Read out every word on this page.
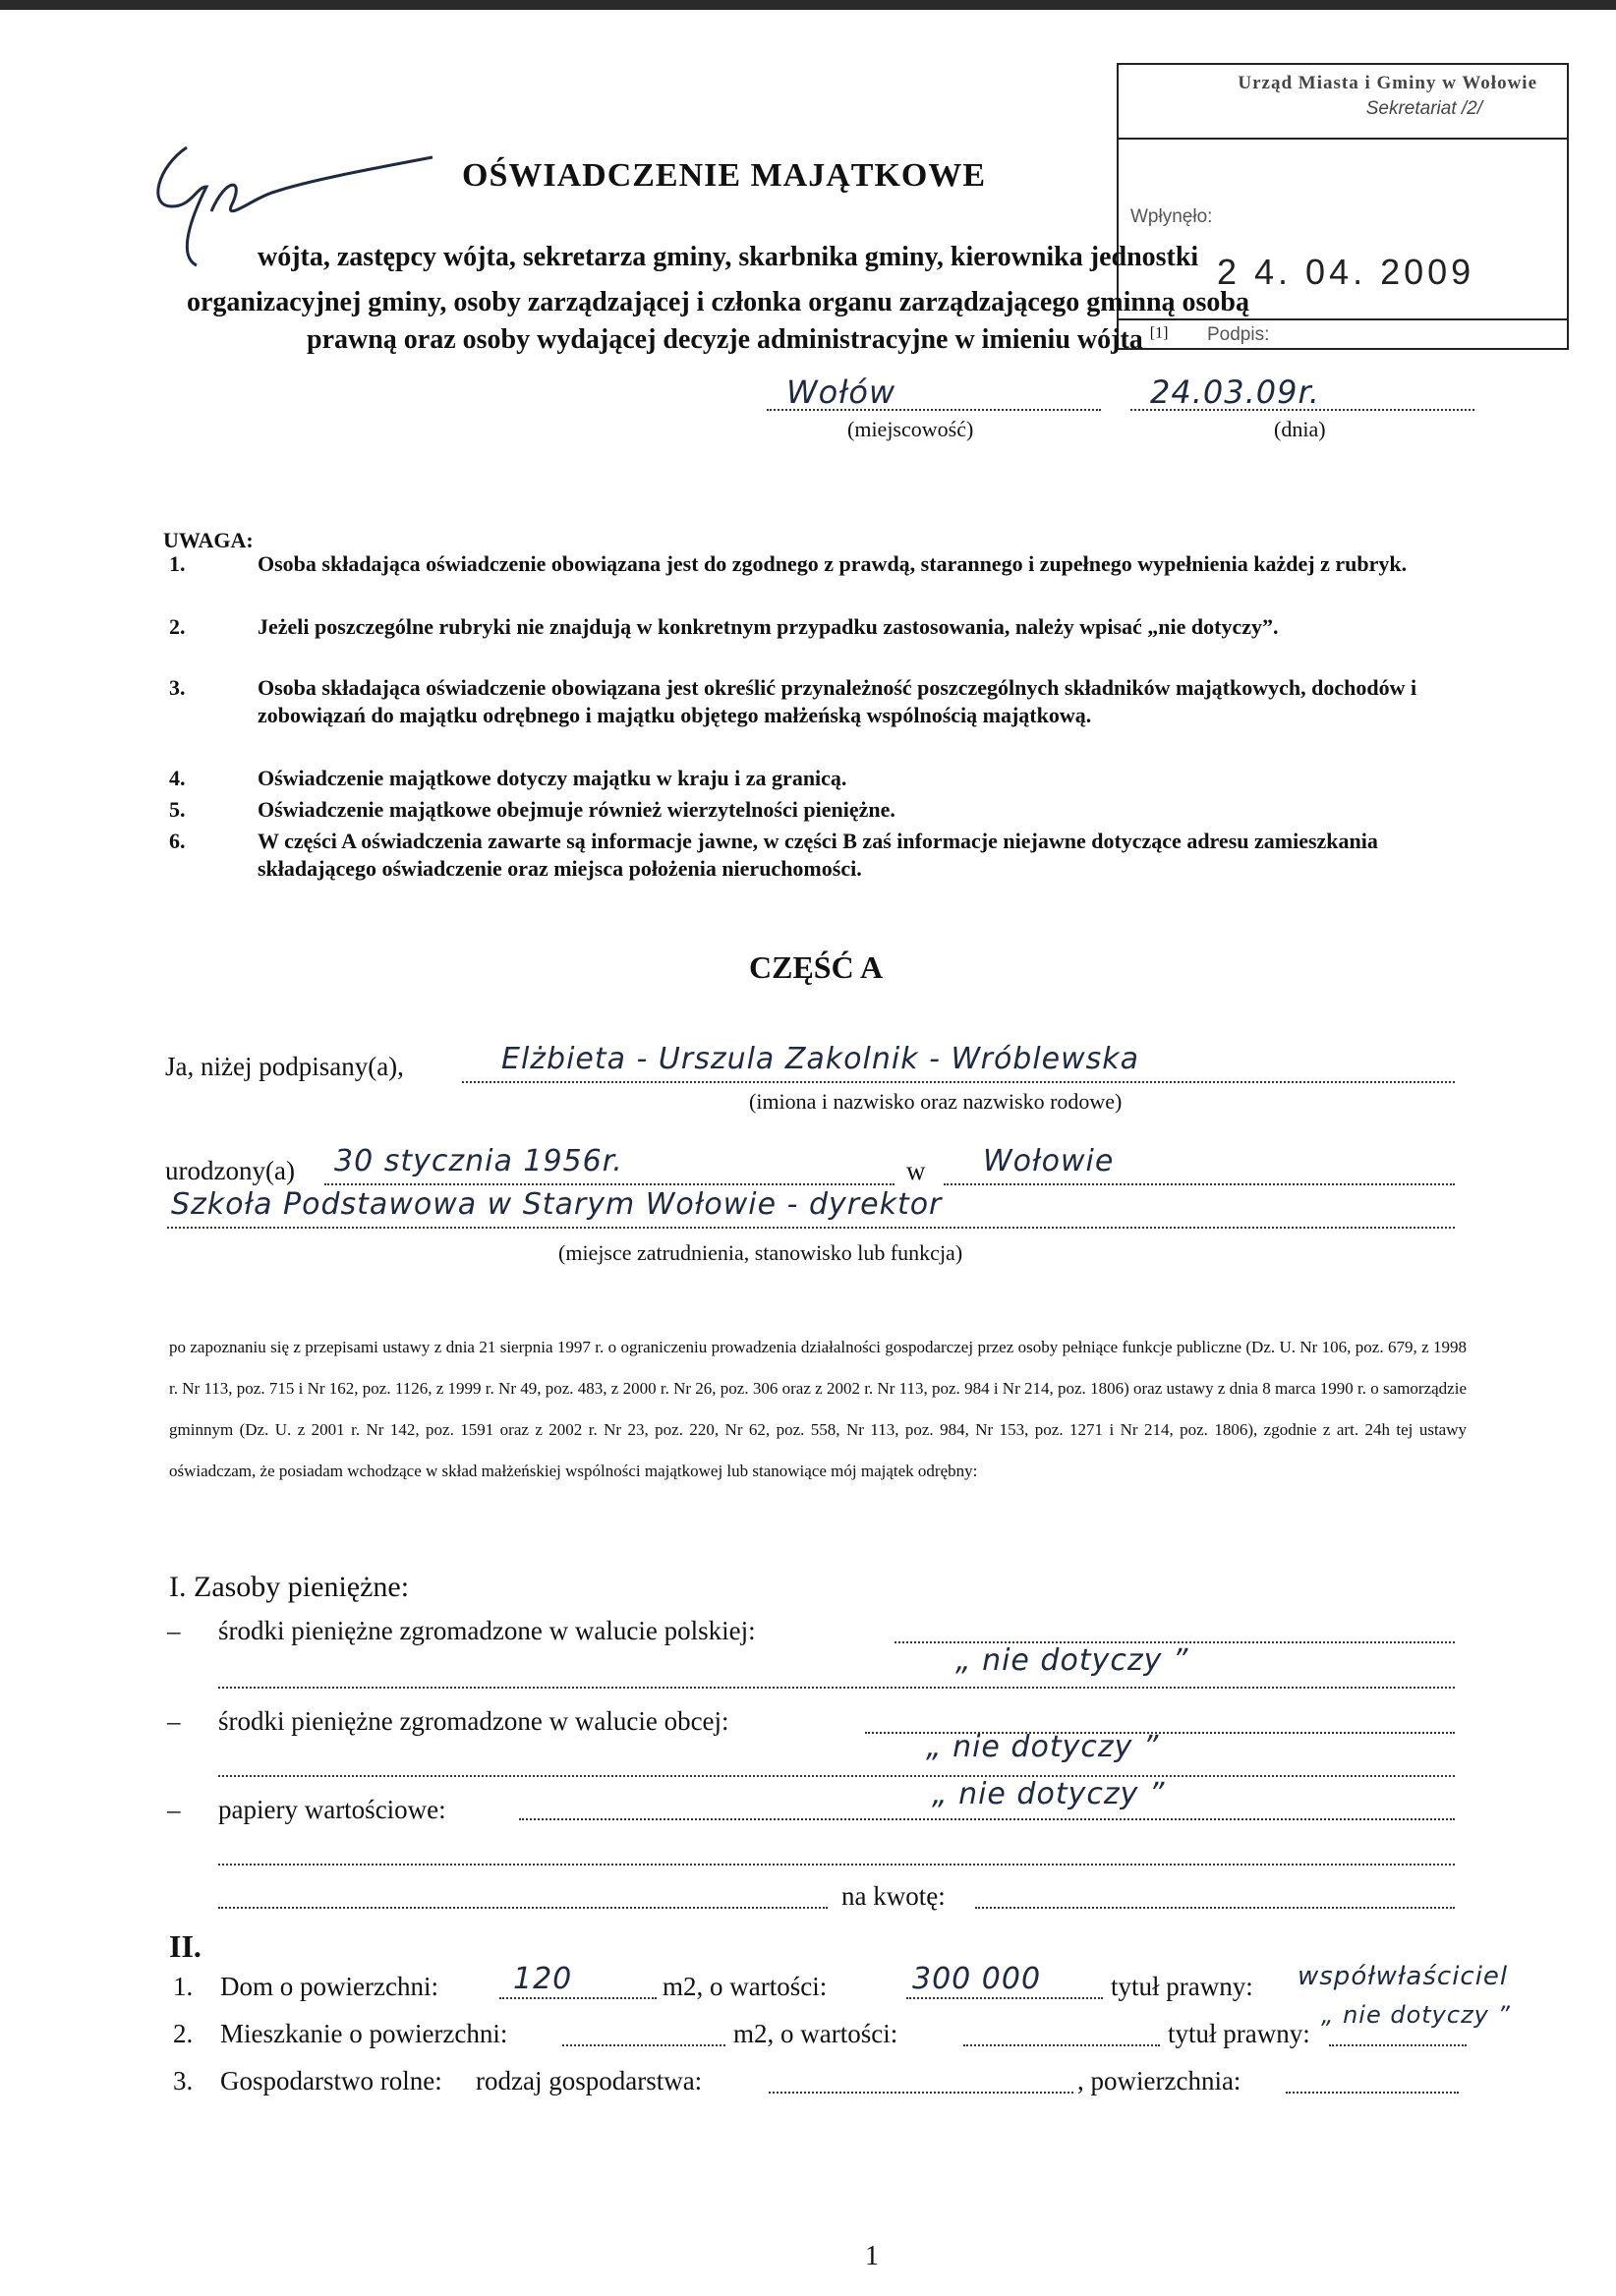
Urząd Miasta i Gminy w Wołowie
Sekretariat /2/
Wpłynęło:
2 4. 04. 2009
Podpis:
OŚWIADCZENIE MAJĄTKOWE
wójta, zastępcy wójta, sekretarza gminy, skarbnika gminy, kierownika jednostki
organizacyjnej gminy, osoby zarządzającej i członka organu zarządzającego gminną osobą
prawną oraz osoby wydającej decyzje administracyjne w imieniu wójta [1]
Wołów	24.03.09r.
(miejscowość)	(dnia)
UWAGA:
1.	Osoba składająca oświadczenie obowiązana jest do zgodnego z prawdą, starannego i zupełnego wypełnienia każdej z rubryk.
2.	Jeżeli poszczególne rubryki nie znajdują w konkretnym przypadku zastosowania, należy wpisać „nie dotyczy”.
3.	Osoba składająca oświadczenie obowiązana jest określić przynależność poszczególnych składników majątkowych, dochodów i zobowiązań do majątku odrębnego i majątku objętego małżeńską wspólnością majątkową.
4.	Oświadczenie majątkowe dotyczy majątku w kraju i za granicą.
5.	Oświadczenie majątkowe obejmuje również wierzytelności pieniężne.
6.	W części A oświadczenia zawarte są informacje jawne, w części B zaś informacje niejawne dotyczące adresu zamieszkania składającego oświadczenie oraz miejsca położenia nieruchomości.
CZĘŚĆ A
Ja, niżej podpisany(a),	Elżbieta - Urszula Zakolnik - Wróblewska
(imiona i nazwisko oraz nazwisko rodowe)
urodzony(a)	30 stycznia 1956r.	w	Wołowie
Szkoła Podstawowa w Starym Wołowie - dyrektor
(miejsce zatrudnienia, stanowisko lub funkcja)
po zapoznaniu się z przepisami ustawy z dnia 21 sierpnia 1997 r. o ograniczeniu prowadzenia działalności gospodarczej przez osoby pełniące funkcje publiczne (Dz. U. Nr 106, poz. 679, z 1998 r. Nr 113, poz. 715 i Nr 162, poz. 1126, z 1999 r. Nr 49, poz. 483, z 2000 r. Nr 26, poz. 306 oraz z 2002 r. Nr 113, poz. 984 i Nr 214, poz. 1806) oraz ustawy z dnia 8 marca 1990 r. o samorządzie gminnym (Dz. U. z 2001 r. Nr 142, poz. 1591 oraz z 2002 r. Nr 23, poz. 220, Nr 62, poz. 558, Nr 113, poz. 984, Nr 153, poz. 1271 i Nr 214, poz. 1806), zgodnie z art. 24h tej ustawy oświadczam, że posiadam wchodzące w skład małżeńskiej wspólności majątkowej lub stanowiące mój majątek odrębny:
I. Zasoby pieniężne:
– środki pieniężne zgromadzone w walucie polskiej:
„ nie dotyczy ”
– środki pieniężne zgromadzone w walucie obcej:
„ nie dotyczy ”
– papiery wartościowe:	„ nie dotyczy ”
na kwotę:
II.
1. Dom o powierzchni:	120	m2, o wartości:	300 000	tytuł prawny: współwłaściciel
2. Mieszkanie o powierzchni:	m2, o wartości:	tytuł prawny:
„ nie dotyczy ”
3. Gospodarstwo rolne: rodzaj gospodarstwa:	, powierzchnia:
1
